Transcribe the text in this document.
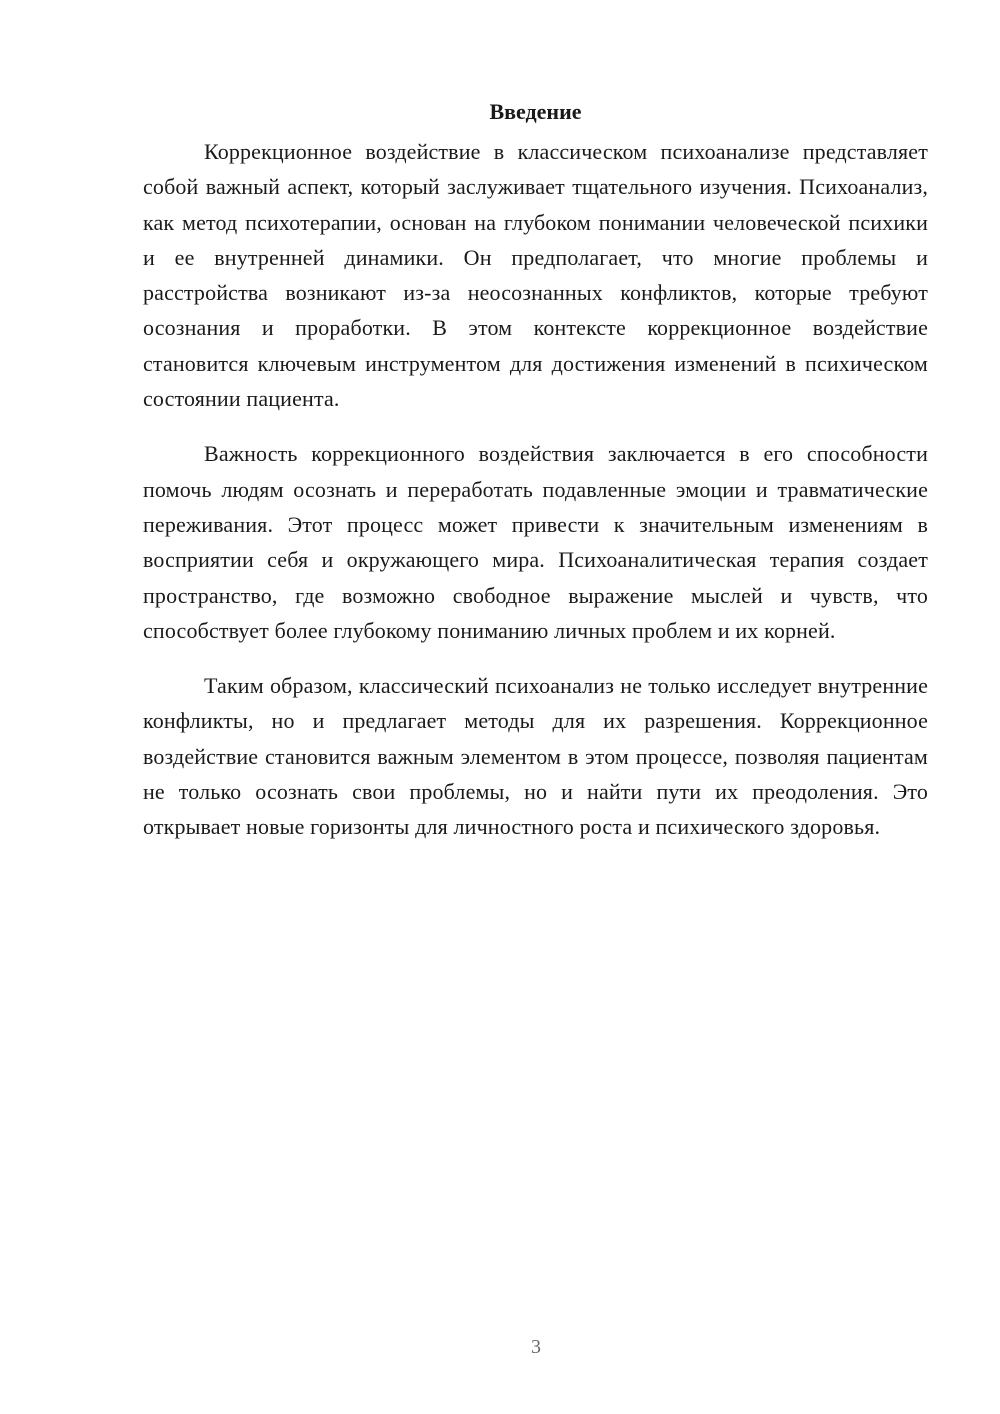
Введение

Коррекционное воздействие в классическом психоанализе представляет собой важный аспект, который заслуживает тщательного изучения. Психоанализ, как метод психотерапии, основан на глубоком понимании человеческой психики и ее внутренней динамики. Он предполагает, что многие проблемы и расстройства возникают из-за неосознанных конфликтов, которые требуют осознания и проработки. В этом контексте коррекционное воздействие становится ключевым инструментом для достижения изменений в психическом состоянии пациента.

Важность коррекционного воздействия заключается в его способности помочь людям осознать и переработать подавленные эмоции и травматические переживания. Этот процесс может привести к значительным изменениям в восприятии себя и окружающего мира. Психоаналитическая терапия создает пространство, где возможно свободное выражение мыслей и чувств, что способствует более глубокому пониманию личных проблем и их корней.

Таким образом, классический психоанализ не только исследует внутренние конфликты, но и предлагает методы для их разрешения. Коррекционное воздействие становится важным элементом в этом процессе, позволяя пациентам не только осознать свои проблемы, но и найти пути их преодоления. Это открывает новые горизонты для личностного роста и психического здоровья.

3
